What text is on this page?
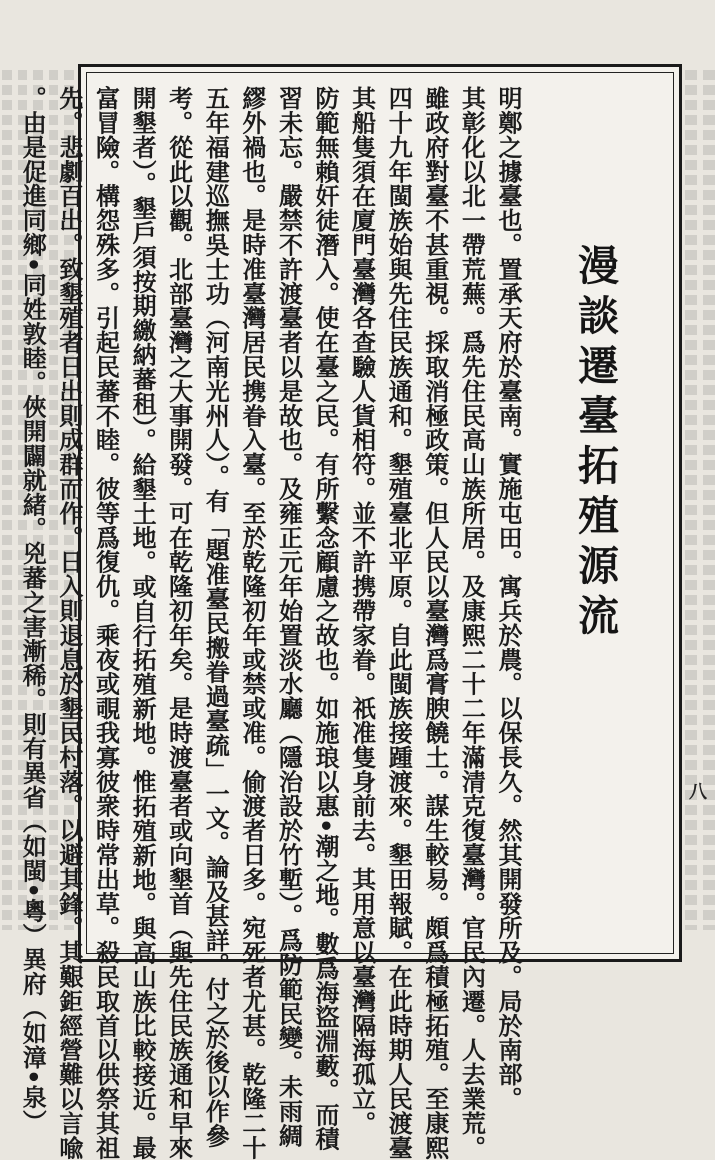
漫談遷臺拓殖源流
明鄭之據臺也。置承天府於臺南。實施屯田。寓兵於農。以保長久。然其開發所及。局於南部。
其彰化以北一帶荒蕪。爲先住民高山族所居。及康熙二十二年滿清克復臺灣。官民內遷。人去業荒。
雖政府對臺不甚重視。採取消極政策。但人民以臺灣爲膏腴饒土。謀生較易。頗爲積極拓殖。至康熙
四十九年閩族始與先住民族通和。墾殖臺北平原。自此閩族接踵渡來。墾田報賦。在此時期人民渡臺
其船隻須在廈門臺灣各查驗人貨相符。並不許携帶家眷。祇准隻身前去。其用意以臺灣隔海孤立。
防範無賴奸徒潛入。使在臺之民。有所繫念顧慮之故也。如施琅以惠•潮之地。數爲海盜淵藪。而積
習未忘。嚴禁不許渡臺者以是故也。及雍正元年始置淡水廳（隱治設於竹塹）。爲防範民變。未雨綢
繆外禍也。是時准臺灣居民携眷入臺。至於乾隆初年或禁或准。偷渡者日多。宛死者尤甚。乾隆二十
五年福建巡撫吳士功（河南光州人）。有「題准臺民搬眷過臺疏」一文。論及甚詳。付之於後以作參
考。從此以觀。北部臺灣之大事開發。可在乾隆初年矣。是時渡臺者或向墾首（與先住民族通和早來
開墾者）。墾戶須按期繳納蕃租）。給墾土地。或自行拓殖新地。惟拓殖新地。與高山族比較接近。最
富冒險。構怨殊多。引起民蕃不睦。彼等爲復仇。乘夜或覗我寡彼衆時常出草。殺民取首以供祭其祖
先。悲劇百出。致墾殖者日出則成群而作。日入則退息於墾民村落。以避其鋒。其艱鉅經營難以言喩
。由是促進同鄉•同姓敦睦。俠開闢就緒。兇蕃之害漸稀。則有異省（如閩•粵）異府（如漳•泉）	八
